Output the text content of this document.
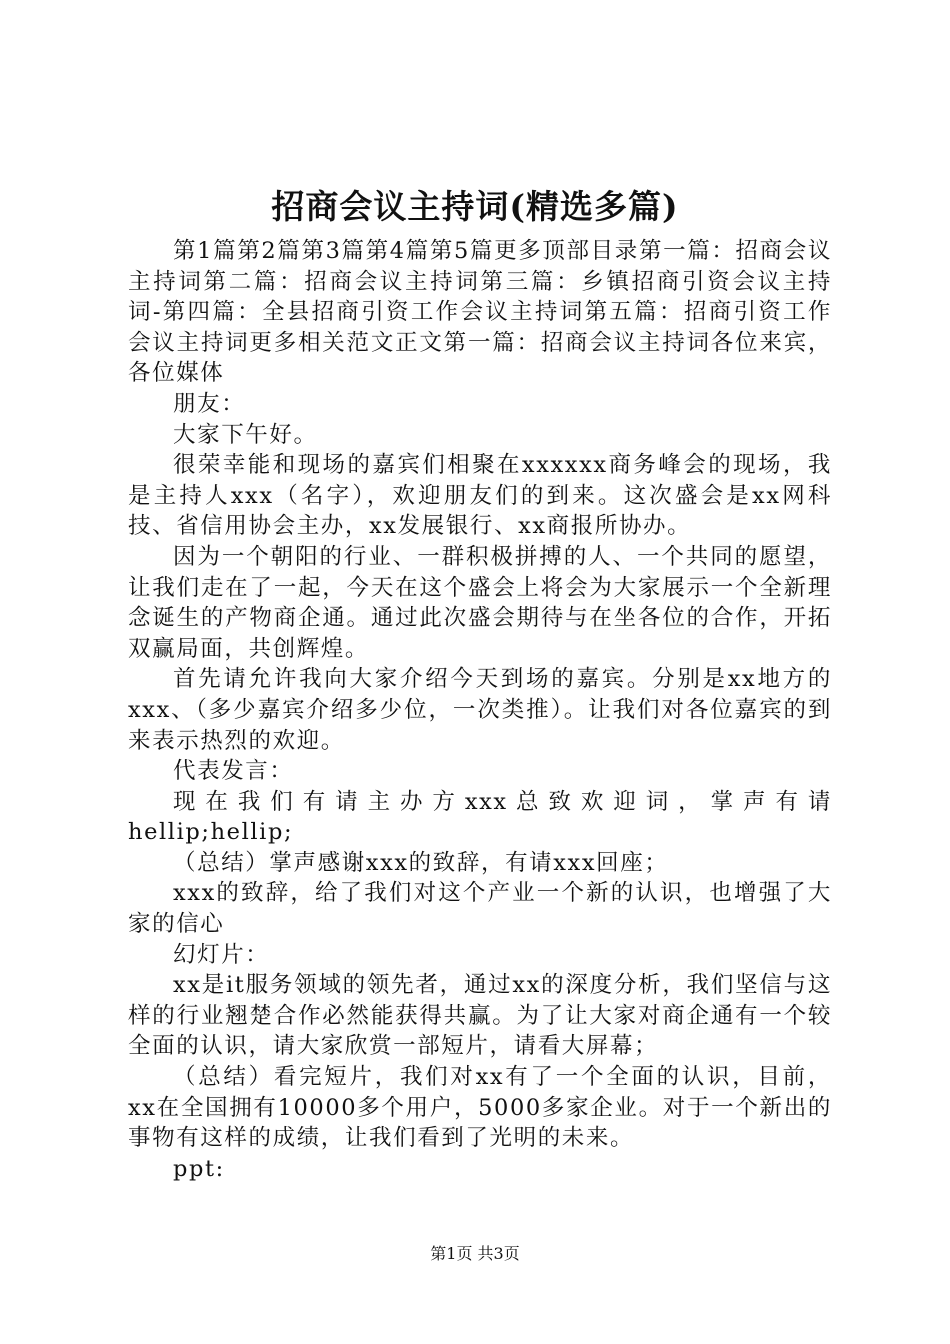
招商会议主持词(精选多篇)

第1篇第2篇第3篇第4篇第5篇更多顶部目录第一篇：招商会议主持词第二篇：招商会议主持词第三篇：乡镇招商引资会议主持词-第四篇：全县招商引资工作会议主持词第五篇：招商引资工作会议主持词更多相关范文正文第一篇：招商会议主持词各位来宾，各位媒体

朋友：

大家下午好。

很荣幸能和现场的嘉宾们相聚在xxxxxx商务峰会的现场，我是主持人xxx（名字），欢迎朋友们的到来。这次盛会是xx网科技、省信用协会主办，xx发展银行、xx商报所协办。

因为一个朝阳的行业、一群积极拼搏的人、一个共同的愿望，让我们走在了一起，今天在这个盛会上将会为大家展示一个全新理念诞生的产物商企通。通过此次盛会期待与在坐各位的合作，开拓双赢局面，共创辉煌。

首先请允许我向大家介绍今天到场的嘉宾。分别是xx地方的xxx、（多少嘉宾介绍多少位，一次类推）。让我们对各位嘉宾的到来表示热烈的欢迎。

代表发言：

现在我们有请主办方xxx总致欢迎词，掌声有请hellip;hellip;

（总结）掌声感谢xxx的致辞，有请xxx回座；

xxx的致辞，给了我们对这个产业一个新的认识，也增强了大家的信心

幻灯片：

xx是it服务领域的领先者，通过xx的深度分析，我们坚信与这样的行业翘楚合作必然能获得共赢。为了让大家对商企通有一个较全面的认识，请大家欣赏一部短片，请看大屏幕；

（总结）看完短片，我们对xx有了一个全面的认识，目前，xx在全国拥有10000多个用户，5000多家企业。对于一个新出的事物有这样的成绩，让我们看到了光明的未来。

ppt:

第1页 共3页
